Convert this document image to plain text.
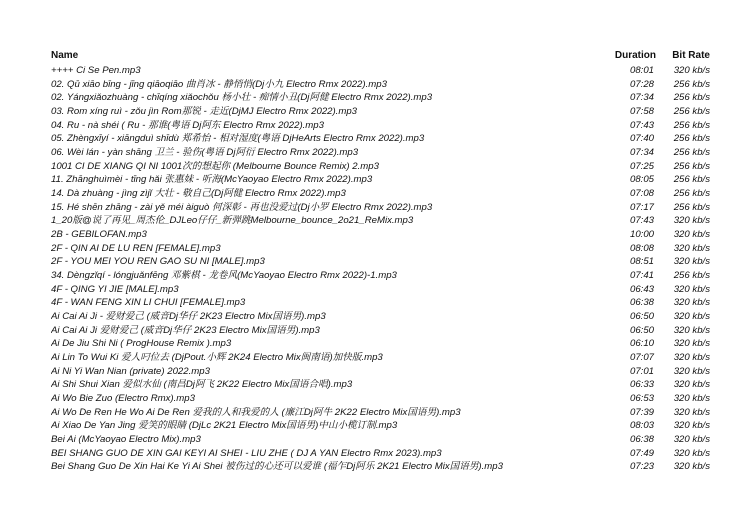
Name	Duration	Bit Rate
++++ Ci Se Pen.mp3	08:01	320 kb/s
02. Qū xiāo bīng - jīng qiāoqiāo 曲肖冰 - 静悄悄(Dj小九 Electro Rmx 2022).mp3	07:28	256 kb/s
02. Yángxiǎozhuàng - chīqíng xiǎochǒu 杨小壮 - 痴情小丑(Dj阿健 Electro Rmx 2022).mp3	07:34	256 kb/s
03. Rom xíng ruì - zǒu jìn Rom那锐 - 走近(DjMJ Electro Rmx 2022).mp3	07:58	256 kb/s
04. Ru - nà shéi ( Ru - 那谁(粤语 Dj阿东 Electro Rmx 2022).mp3	07:43	256 kb/s
05. Zhèngxīyí - xiāngduì shīdù 郑希怡 - 相对湿度(粤语 DjHeArts Electro Rmx 2022).mp3	07:40	256 kb/s
06. Wèi lán - yàn shāng 卫兰 - 验伤(粤语 Dj阿衍 Electro Rmx 2022).mp3	07:34	256 kb/s
1001 CI DE XIANG QI NI 1001次的想起你 (Melbourne Bounce Remix) 2.mp3	07:25	256 kb/s
11. Zhānghuìmèi - tīng hǎi 张惠妹 - 听海(McYaoyao Electro Rmx 2022).mp3	08:05	256 kb/s
14. Dà zhuàng - jìng zìjǐ 大壮 - 敬自己(Dj阿健 Electro Rmx 2022).mp3	07:08	256 kb/s
15. Hé shēn zhāng - zài yě méi àiguò 何深彰 - 再也没爱过(Dj小罗 Electro Rmx 2022).mp3	07:17	256 kb/s
1_20版@说了再见_周杰伦_DJLeo仔仔_新弹跳Melbourne_bounce_2o21_ReMix.mp3	07:43	320 kb/s
2B - GEBILOFAN.mp3	10:00	320 kb/s
2F - QIN AI DE LU REN [FEMALE].mp3	08:08	320 kb/s
2F - YOU MEI YOU REN GAO SU NI [MALE].mp3	08:51	320 kb/s
34. Dèngzǐqí - lóngjuǎnfēng 邓紫棋 - 龙卷风(McYaoyao Electro Rmx 2022)-1.mp3	07:41	256 kb/s
4F - QING YI JIE [MALE].mp3	06:43	320 kb/s
4F - WAN FENG XIN LI CHUI [FEMALE].mp3	06:38	320 kb/s
Ai Cai Ai Ji - 爱财爱己 (威音Dj华仔 2K23 Electro Mix国语男).mp3	06:50	320 kb/s
Ai Cai Ai Ji 爱财爱己 (威音Dj华仔 2K23 Electro Mix国语男).mp3	06:50	320 kb/s
Ai De Jiu Shi Ni ( ProgHouse Remix ).mp3	06:10	320 kb/s
Ai Lin To Wui Ki 爱人叼位去 (DjPout.小辉 2K24 Electro Mix闽南语)加快版.mp3	07:07	320 kb/s
Ai Ni Yi Wan Nian (private) 2022.mp3	07:01	320 kb/s
Ai Shi Shui Xian 爱似水仙 (南昌Dj阿飞 2K22 Electro Mix国语合唱).mp3	06:33	320 kb/s
Ai Wo Bie Zuo (Electro Rmx).mp3	06:53	320 kb/s
Ai Wo De Ren He Wo Ai De Ren 爱我的人和我爱的人 (廉江Dj阿牛 2K22 Electro Mix国语男).mp3	07:39	320 kb/s
Ai Xiao De Yan Jing 爱笑的眼睛 (DjLc 2K21 Electro Mix国语男)中山小榄订制.mp3	08:03	320 kb/s
Bei Ai (McYaoyao Electro Mix).mp3	06:38	320 kb/s
BEI SHANG GUO DE XIN GAI KEYI AI SHEI - LIU ZHE ( DJ A YAN Electro Rmx 2023).mp3	07:49	320 kb/s
Bei Shang Guo De Xin Hai Ke Yi Ai Shei 被伤过的心还可以爱谁 (福乍Dj阿乐 2K21 Electro Mix国语男).mp3	07:23	320 kb/s
